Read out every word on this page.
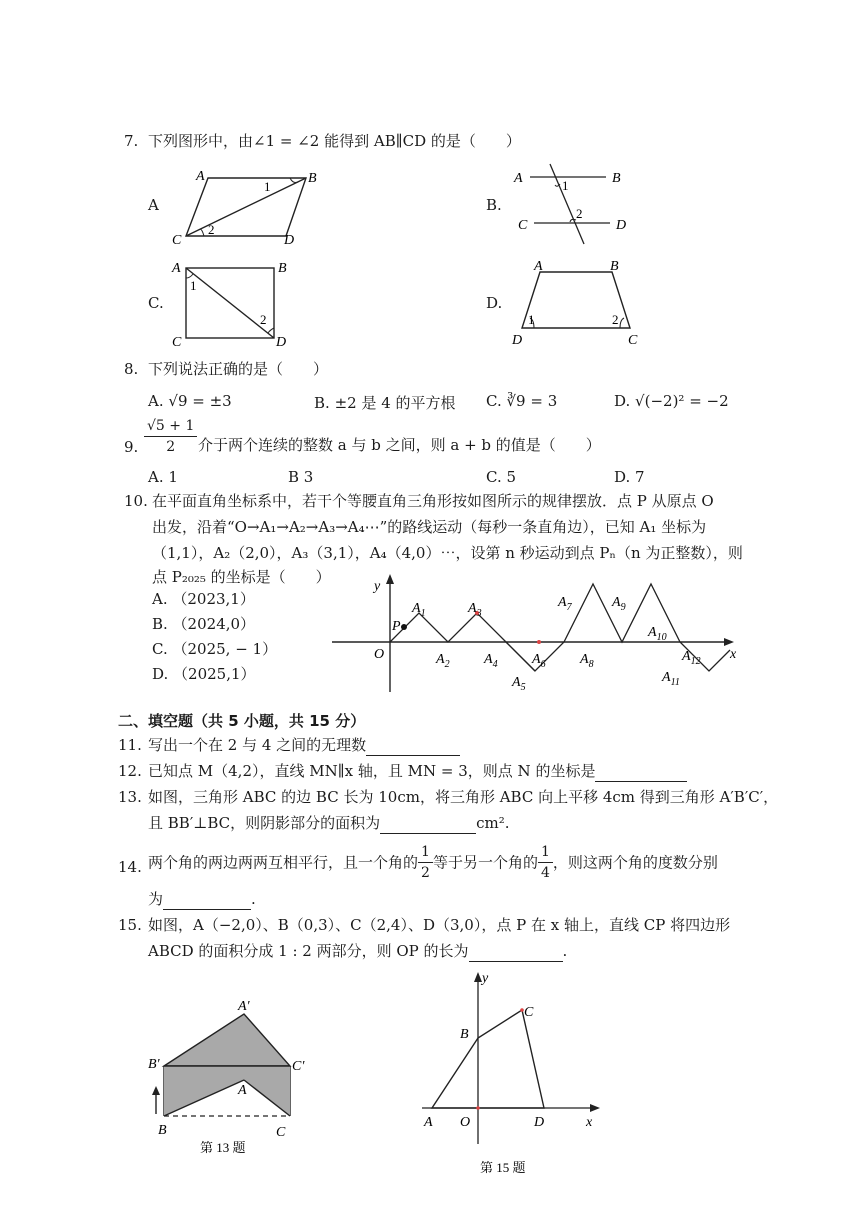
7. 下列图形中，由∠1 = ∠2 能得到 AB∥CD 的是（　　）
A
A	B
C	D
1
2
B.
A	B
C	D
1
2
C.
A	B
C	D
1
2
D.
A	B
D	C
1	2
8. 下列说法正确的是（　　）
A. √9 = ±3	B. ±2 是 4 的平方根 C. ∛9 = 3	D. √(−2)² = −2
9. $\frac{√5 + 1}{2}$ 介于两个连续的整数 a 与 b 之间，则 a + b 的值是（　　）
A. 1	B 3	C. 5	D. 7
10. 在平面直角坐标系中，若干个等腰直角三角形按如图所示的规律摆放．点 P 从原点 O
出发，沿着“O→A₁→A₂→A₃→A₄⋯”的路线运动（每秒一条直角边），已知 A₁ 坐标为
（1,1），A₂（2,0），A₃（3,1），A₄（4,0）⋯，设第 n 秒运动到点 Pₙ（n 为正整数），则
点 P₂₀₂₅ 的坐标是（　　）
A. （2023,1）
B. （2024,0）
C. （2025, − 1）
D. （2025,1）
y
x
O
P
$A_1$
$A_2$
$A_3$
$A_4$
$A_5$
$A_6$
$A_7$
$A_8$
$A_9$
$A_{10}$
$A_{11}$
$A_{12}$
二、填空题（共 5 小题，共 15 分）
11. 写出一个在 2 与 4 之间的无理数
12. 已知点 M（4,2），直线 MN∥x 轴，且 MN = 3，则点 N 的坐标是
13. 如图，三角形 ABC 的边 BC 长为 10cm，将三角形 ABC 向上平移 4cm 得到三角形 A′B′C′，
且 BB′⊥BC，则阴影部分的面积为	cm².
14. 两个角的两边两两互相平行，且一个角的 $\frac{1}{2}$ 等于另一个角的 $\frac{1}{4}$ ，则这两个角的度数分别
为	.
15. 如图，A（−2,0）、B（0,3）、C（2,4）、D（3,0），点 P 在 x 轴上，直线 CP 将四边形
ABCD 的面积分成 1 : 2 两部分，则 OP 的长为	.
A′
B′	C′
A
B	C
第 13 题
y
x
A O
B
C
D
第 15 题
